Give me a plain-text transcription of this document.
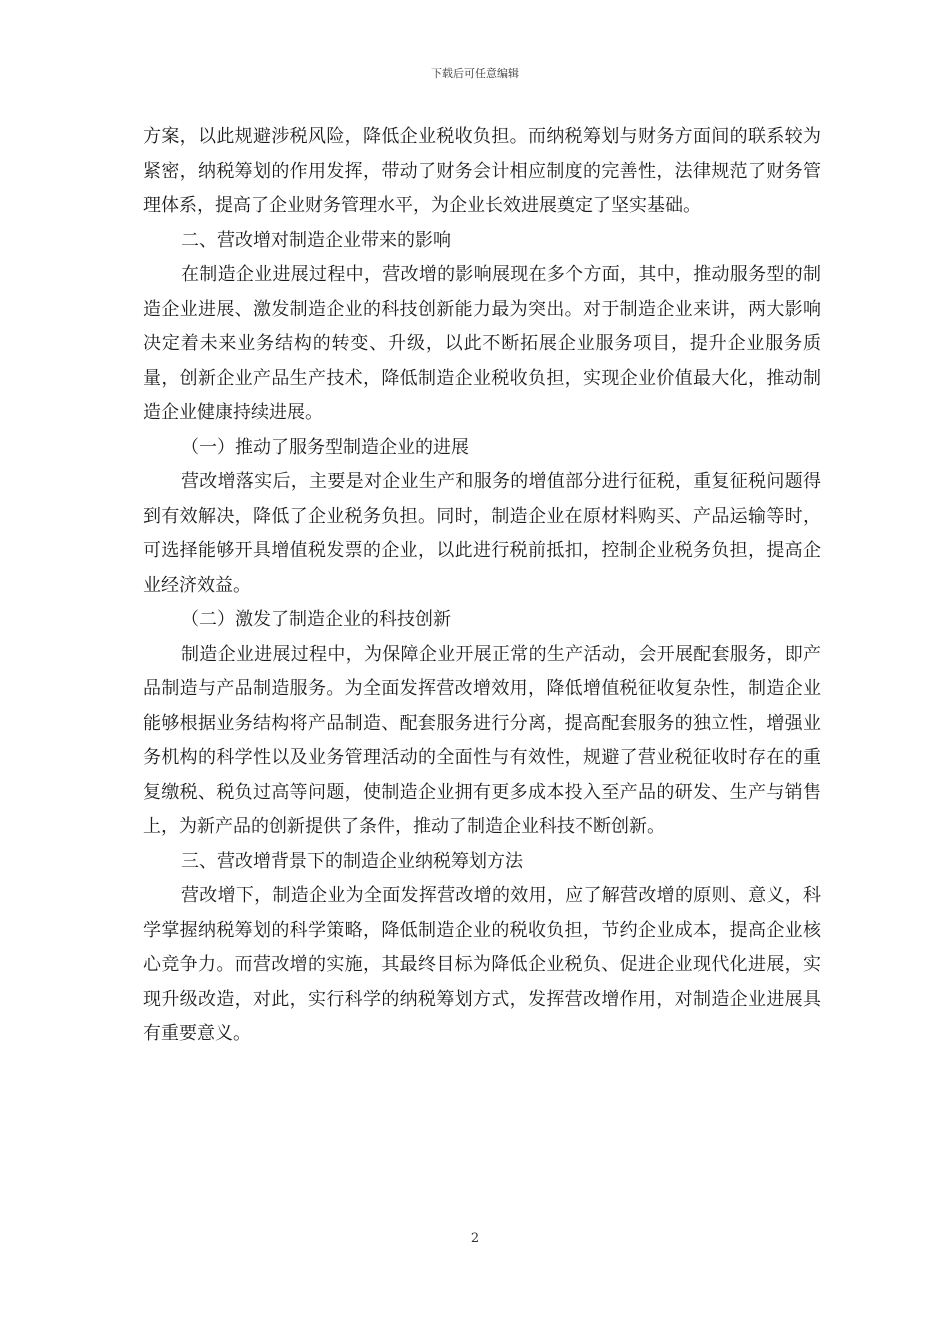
下载后可任意编辑

方案，以此规避涉税风险，降低企业税收负担。而纳税筹划与财务方面间的联系较为紧密，纳税筹划的作用发挥，带动了财务会计相应制度的完善性，法律规范了财务管理体系，提高了企业财务管理水平，为企业长效进展奠定了坚实基础。

二、营改增对制造企业带来的影响

在制造企业进展过程中，营改增的影响展现在多个方面，其中，推动服务型的制造企业进展、激发制造企业的科技创新能力最为突出。对于制造企业来讲，两大影响决定着未来业务结构的转变、升级，以此不断拓展企业服务项目，提升企业服务质量，创新企业产品生产技术，降低制造企业税收负担，实现企业价值最大化，推动制造企业健康持续进展。

（一）推动了服务型制造企业的进展

营改增落实后，主要是对企业生产和服务的增值部分进行征税，重复征税问题得到有效解决，降低了企业税务负担。同时，制造企业在原材料购买、产品运输等时，可选择能够开具增值税发票的企业，以此进行税前抵扣，控制企业税务负担，提高企业经济效益。

（二）激发了制造企业的科技创新

制造企业进展过程中，为保障企业开展正常的生产活动，会开展配套服务，即产品制造与产品制造服务。为全面发挥营改增效用，降低增值税征收复杂性，制造企业能够根据业务结构将产品制造、配套服务进行分离，提高配套服务的独立性，增强业务机构的科学性以及业务管理活动的全面性与有效性，规避了营业税征收时存在的重复缴税、税负过高等问题，使制造企业拥有更多成本投入至产品的研发、生产与销售上，为新产品的创新提供了条件，推动了制造企业科技不断创新。

三、营改增背景下的制造企业纳税筹划方法

营改增下，制造企业为全面发挥营改增的效用，应了解营改增的原则、意义，科学掌握纳税筹划的科学策略，降低制造企业的税收负担，节约企业成本，提高企业核心竞争力。而营改增的实施，其最终目标为降低企业税负、促进企业现代化进展，实现升级改造，对此，实行科学的纳税筹划方式，发挥营改增作用，对制造企业进展具有重要意义。

2
